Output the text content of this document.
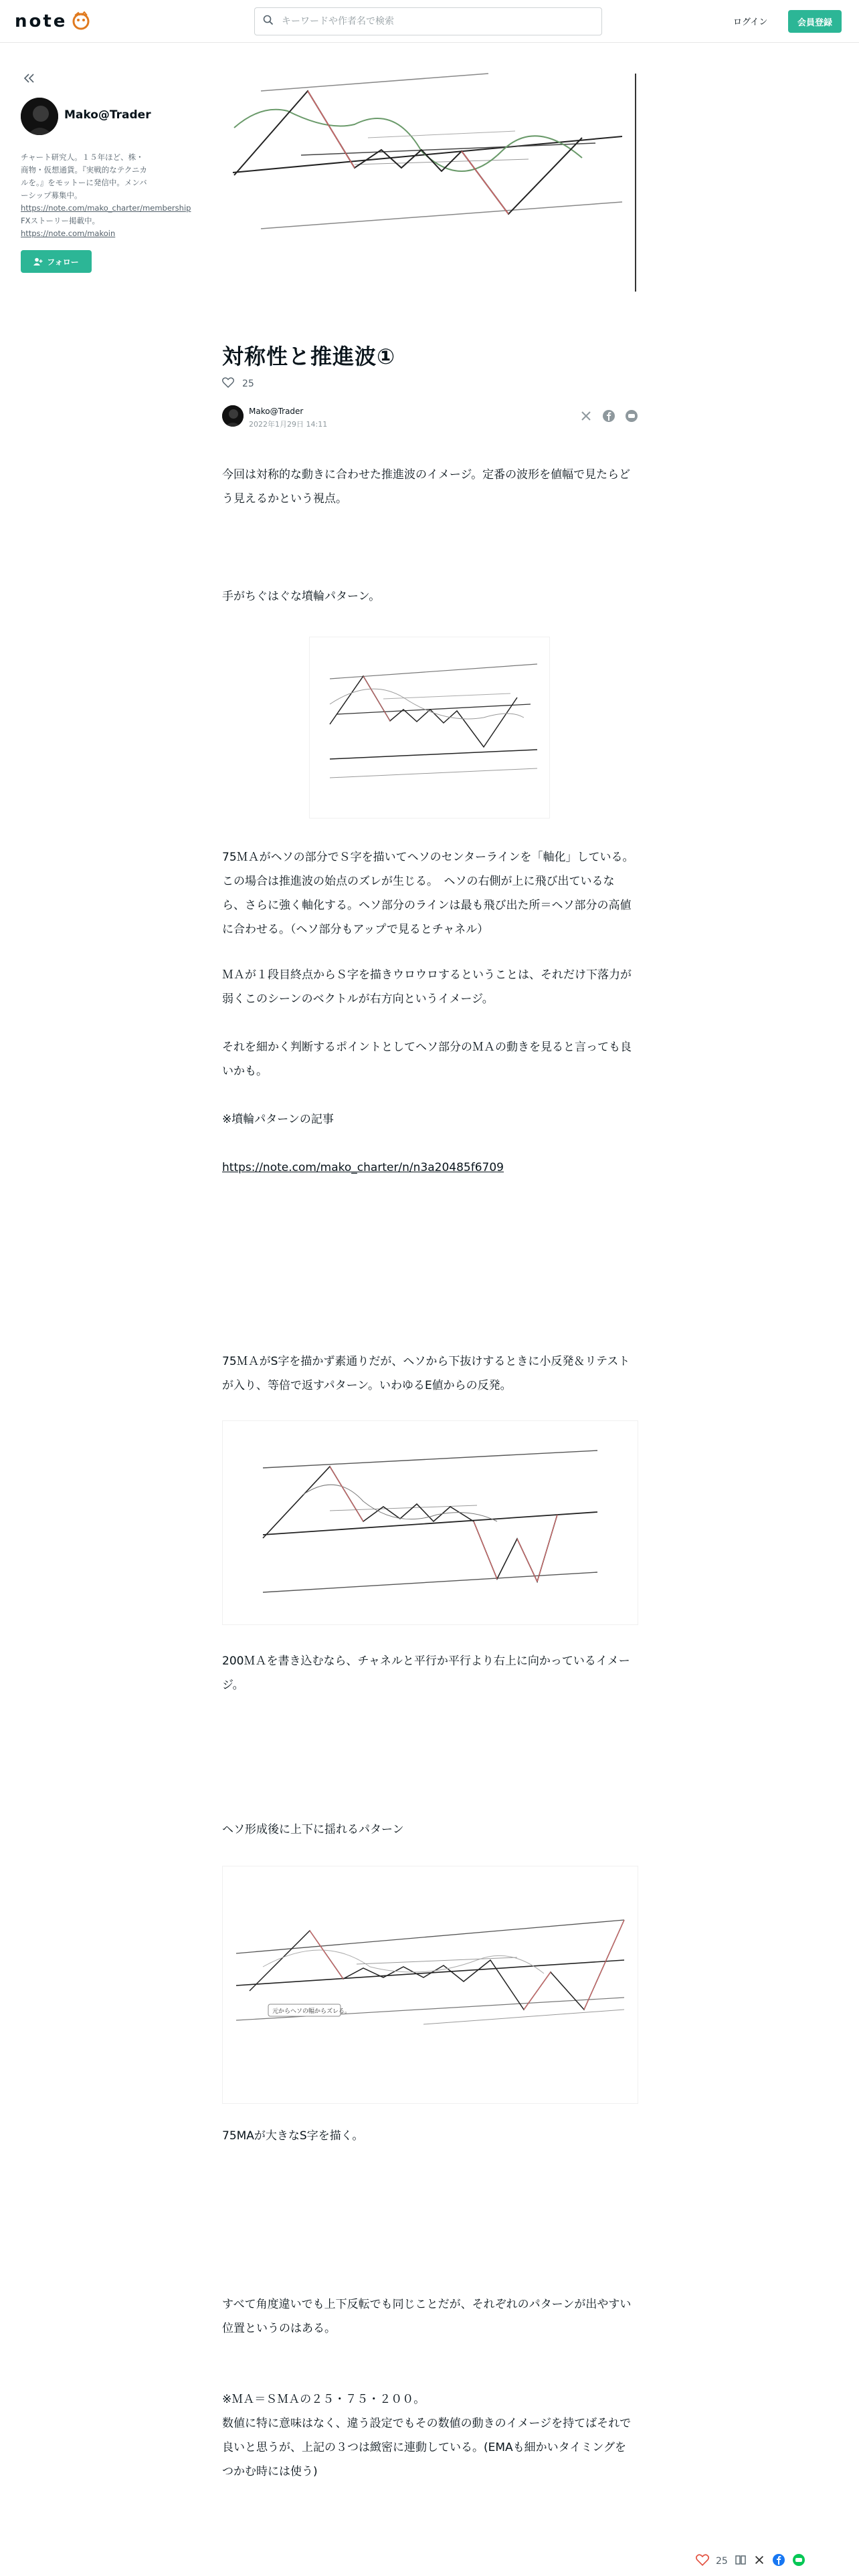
note
キーワードや作者名で検索	ログイン	会員登録
Mako@Trader
チャート研究人。１５年ほど、株・商物・仮想通貨。『実戦的なテクニカルを。』をモットーに発信中。メンバーシップ募集中。https://note.com/mako_charter/membership FXストーリー掲載中。 https://note.com/makoin
フォロー
対称性と推進波①
25
Mako@Trader
2022年1月29日 14:11

今回は対称的な動きに合わせた推進波のイメージ。定番の波形を値幅で見たらどう見えるかという視点。

手がちぐはぐな墳輪パターン。

75ＭＡがヘソの部分でＳ字を描いてヘソのセンターラインを「軸化」している。この場合は推進波の始点のズレが生じる。　ヘソの右側が上に飛び出ているなら、さらに強く軸化する。ヘソ部分のラインは最も飛び出た所＝ヘソ部分の高値に合わせる。（ヘソ部分もアップで見るとチャネル）

ＭＡが１段目終点からＳ字を描きウロウロするということは、それだけ下落力が弱くこのシーンのベクトルが右方向というイメージ。

それを細かく判断するポイントとしてヘソ部分のＭＡの動きを見ると言っても良いかも。

※墳輪パターンの記事

https://note.com/mako_charter/n/n3a20485f6709

75ＭＡがS字を描かず素通りだが、ヘソから下抜けするときに小反発＆リテストが入り、等倍で返すパターン。いわゆるE値からの反発。

200ＭＡを書き込むなら、チャネルと平行か平行より右上に向かっているイメージ。

ヘソ形成後に上下に揺れるパターン

元からヘソの幅からズレる。

75MAが大きなS字を描く。

すべて角度違いでも上下反転でも同じことだが、それぞれのパターンが出やすい位置というのはある。

※ＭＡ＝ＳＭＡの２５・７５・２００。
数値に特に意味はなく、違う設定でもその数値の動きのイメージを持てばそれで良いと思うが、上記の３つは緻密に連動している。(EMAも細かいタイミングをつかむ時には使う)

25
